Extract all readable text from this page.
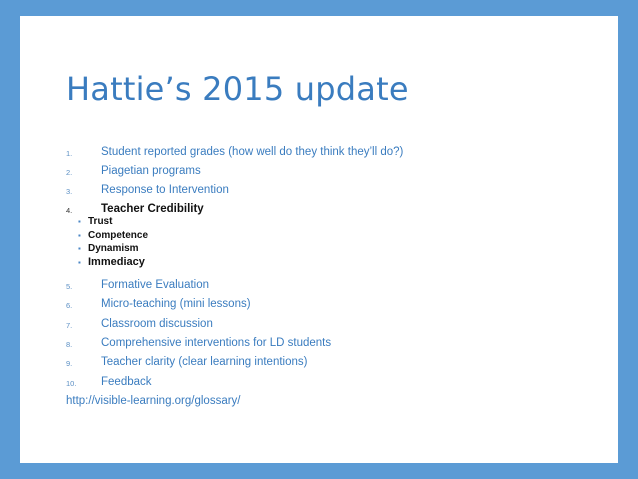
Hattie’s 2015 update
1.	Student reported grades (how well do they think they’ll do?)
2.	Piagetian programs
3.	Response to Intervention
4.	Teacher Credibility
▪ Trust
▪ Competence
▪ Dynamism
▪ Immediacy
5.	Formative Evaluation
6.	Micro-teaching (mini lessons)
7.	Classroom discussion
8.	Comprehensive interventions for LD students
9.	Teacher clarity (clear learning intentions)
10.	Feedback
http://visible-learning.org/glossary/
